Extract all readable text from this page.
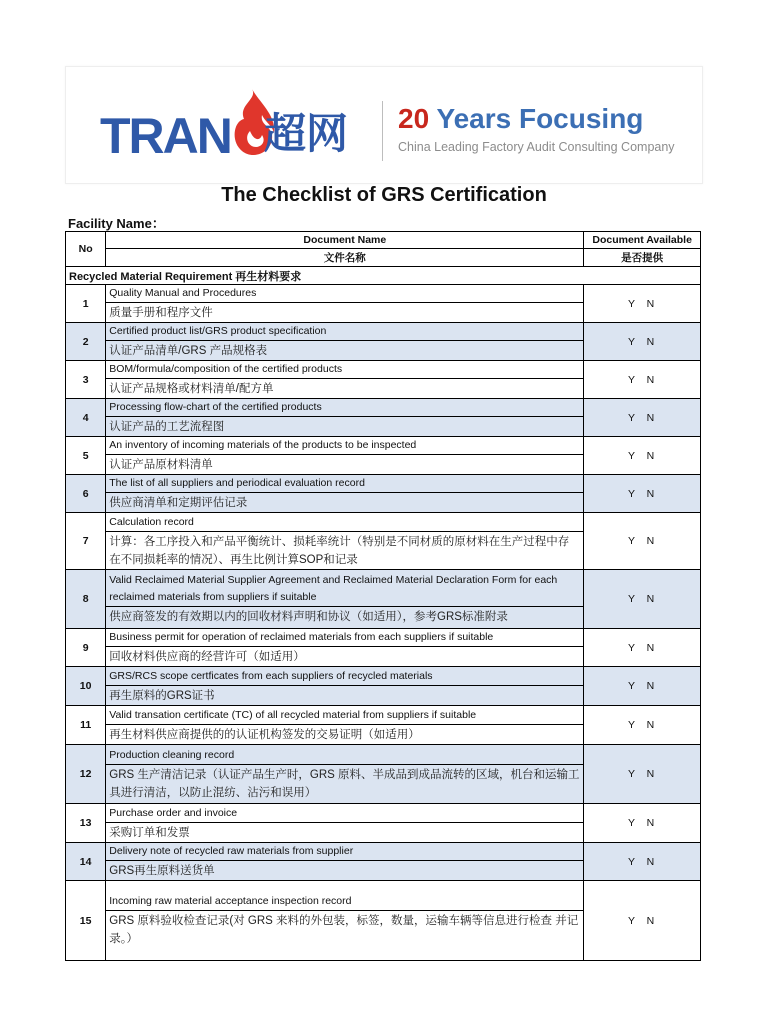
TRAN 超网 20 Years Focusing
China Leading Factory Audit Consulting Company
The Checklist of GRS Certification
Facility Name：
No	Document Name	Document Available
	文件名称	是否提供
Recycled Material Requirement 再生材料要求		
1	Quality Manual and Procedures
质量手册和程序文件	Y  N
2	Certified product list/GRS product specification
认证产品清单/GRS 产品规格表	Y  N
3	BOM/formula/composition of the certified products
认证产品规格或材料清单/配方单	Y  N
4	Processing flow-chart of the certified products
认证产品的工艺流程图	Y  N
5	An inventory of incoming materials of the products to be inspected
认证产品原材料清单	Y  N
6	The list of all suppliers and periodical evaluation record
供应商清单和定期评估记录	Y  N
7	Calculation record
计算：各工序投入和产品平衡统计、损耗率统计（特别是不同材质的原材料在生产过程中存在不同损耗率的情况）、再生比例计算SOP和记录	Y  N
8	Valid Reclaimed Material Supplier Agreement and Reclaimed Material Declaration Form for each reclaimed materials from suppliers if suitable
供应商签发的有效期以内的回收材料声明和协议（如适用），参考GRS标准附录	Y  N
9	Business permit for operation of reclaimed materials from each suppliers if suitable
回收材料供应商的经营许可（如适用）	Y  N
10	GRS/RCS scope certficates from each suppliers of recycled materials
再生原料的GRS证书	Y  N
11	Valid transation certificate (TC) of all recycled material from suppliers if suitable
再生材料供应商提供的的认证机构签发的交易证明（如适用）	Y  N
12	Production cleaning record
GRS 生产清洁记录（认证产品生产时，GRS 原料、半成品到成品流转的区域，机台和运输工具进行清洁，以防止混纺、沾污和误用）	Y  N
13	Purchase order and invoice
采购订单和发票	Y  N
14	Delivery note of recycled raw materials from supplier
GRS再生原料送货单	Y  N
15	Incoming raw material acceptance inspection record
GRS 原料验收检查记录(对 GRS 来料的外包装，标签，数量，运输车辆等信息进行检查 并记录。）	Y  N
